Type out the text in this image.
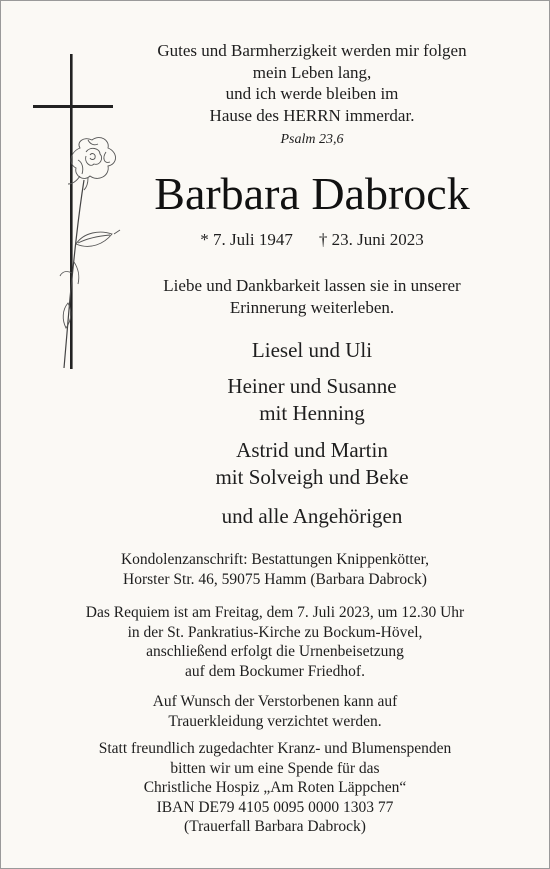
Gutes und Barmherzigkeit werden mir folgen
mein Leben lang,
und ich werde bleiben im
Hause des HERRN immerdar.
Psalm 23,6
Barbara Dabrock
* 7. Juli 1947 † 23. Juni 2023
Liebe und Dankbarkeit lassen sie in unserer
Erinnerung weiterleben.
Liesel und Uli
Heiner und Susanne
mit Henning
Astrid und Martin
mit Solveigh und Beke
und alle Angehörigen
Kondolenzanschrift: Bestattungen Knippenkötter,
Horster Str. 46, 59075 Hamm (Barbara Dabrock)
Das Requiem ist am Freitag, dem 7. Juli 2023, um 12.30 Uhr
in der St. Pankratius-Kirche zu Bockum-Hövel,
anschließend erfolgt die Urnenbeisetzung
auf dem Bockumer Friedhof.
Auf Wunsch der Verstorbenen kann auf
Trauerkleidung verzichtet werden.
Statt freundlich zugedachter Kranz- und Blumenspenden
bitten wir um eine Spende für das
Christliche Hospiz „Am Roten Läppchen“
IBAN DE79 4105 0095 0000 1303 77
(Trauerfall Barbara Dabrock)
